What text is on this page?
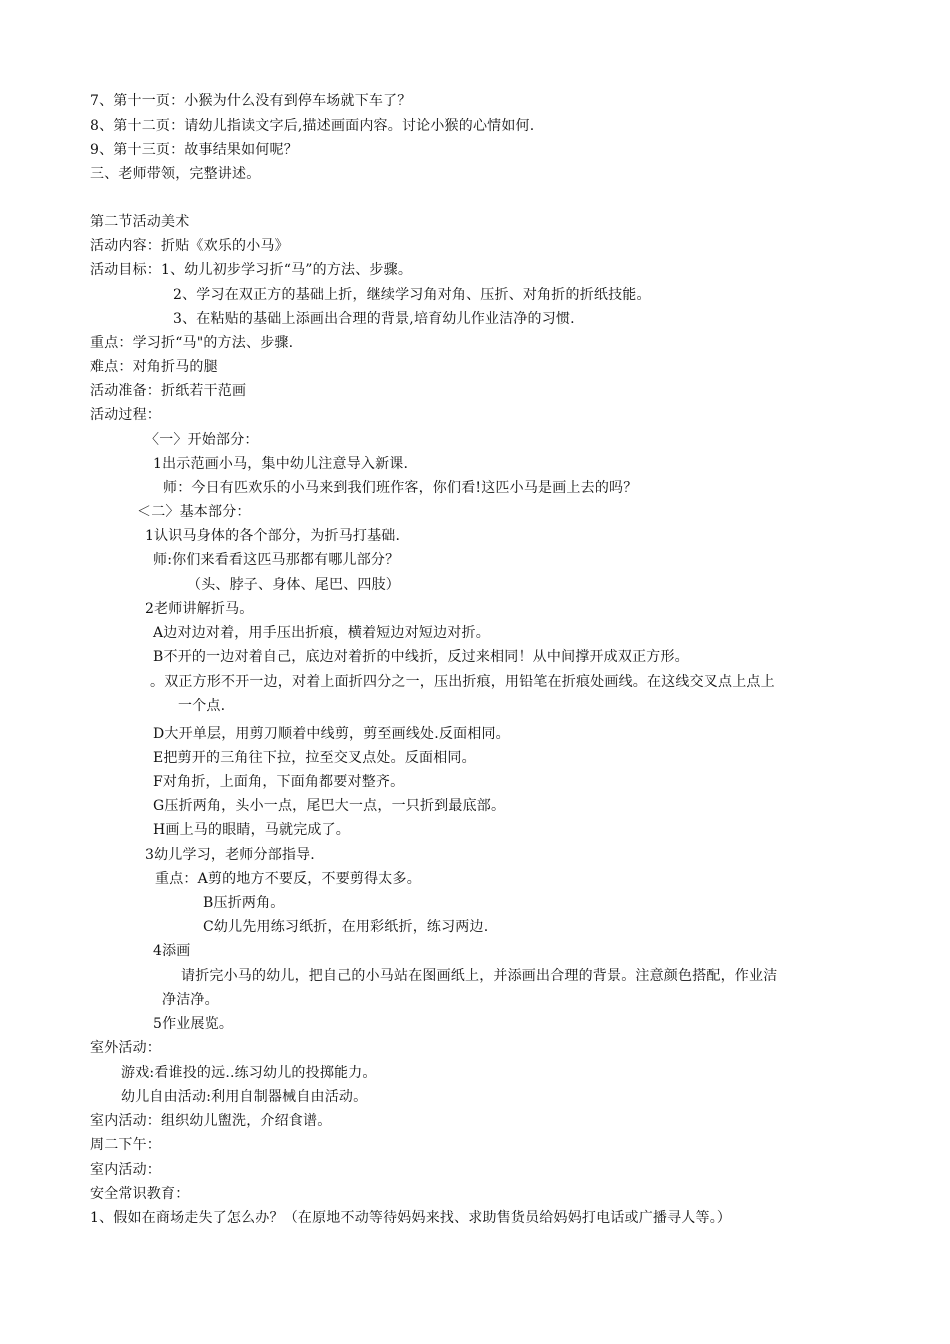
7、第十一页：小猴为什么没有到停车场就下车了？
8、第十二页：请幼儿指读文字后,描述画面内容。讨论小猴的心情如何.
9、第十三页：故事结果如何呢？
三、老师带领，完整讲述。
第二节活动美术
活动内容：折贴《欢乐的小马》
活动目标：1、幼儿初步学习折“马”的方法、步骤。
2、学习在双正方的基础上折，继续学习角对角、压折、对角折的折纸技能。
3、在粘贴的基础上添画出合理的背景,培育幼儿作业洁净的习惯.
重点：学习折“马"的方法、步骤.
难点：对角折马的腿
活动准备：折纸若干范画
活动过程：
〈一〉开始部分：
1出示范画小马，集中幼儿注意导入新课.
师：今日有匹欢乐的小马来到我们班作客，你们看!这匹小马是画上去的吗？
＜二〉基本部分：
1认识马身体的各个部分，为折马打基础.
师:你们来看看这匹马那都有哪儿部分？
（头、脖子、身体、尾巴、四肢）
2老师讲解折马。
A边对边对着，用手压出折痕，横着短边对短边对折。
B不开的一边对着自己，底边对着折的中线折，反过来相同！从中间撑开成双正方形。
。双正方形不开一边，对着上面折四分之一，压出折痕，用铅笔在折痕处画线。在这线交叉点上点上
一个点.
D大开单层，用剪刀顺着中线剪，剪至画线处.反面相同。
E把剪开的三角往下拉，拉至交叉点处。反面相同。
F对角折，上面角，下面角都要对整齐。
G压折两角，头小一点，尾巴大一点，一只折到最底部。
H画上马的眼睛，马就完成了。
3幼儿学习，老师分部指导.
重点：A剪的地方不要反，不要剪得太多。
B压折两角。
C幼儿先用练习纸折，在用彩纸折，练习两边.
4添画
请折完小马的幼儿，把自己的小马站在图画纸上，并添画出合理的背景。注意颜色搭配，作业洁
净洁净。
5作业展览。
室外活动：
游戏:看谁投的远..练习幼儿的投掷能力。
幼儿自由活动:利用自制器械自由活动。
室内活动：组织幼儿盥洗，介绍食谱。
周二下午：
室内活动：
安全常识教育：
1、假如在商场走失了怎么办？（在原地不动等待妈妈来找、求助售货员给妈妈打电话或广播寻人等。）
